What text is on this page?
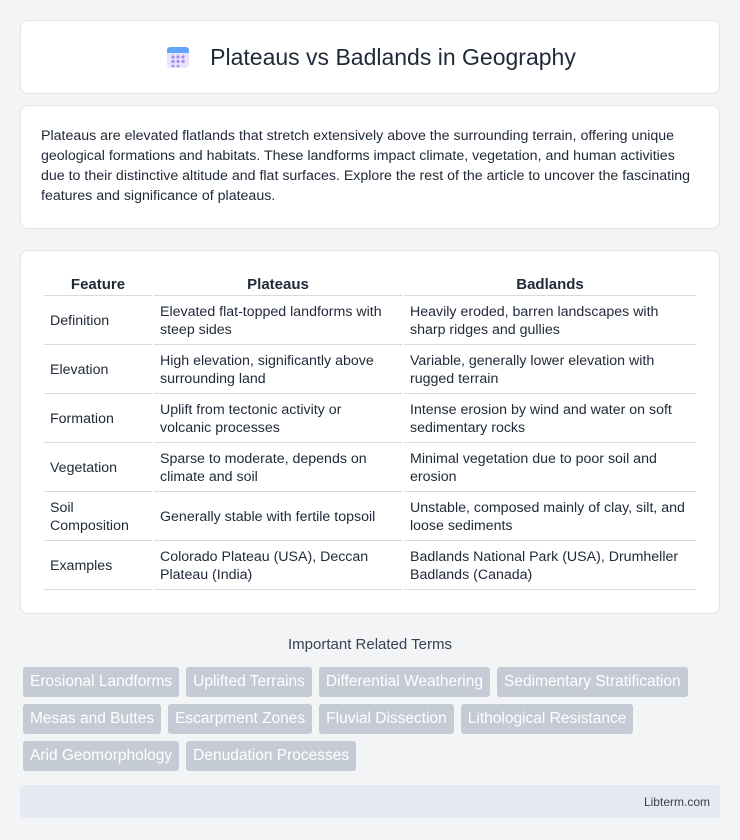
Plateaus vs Badlands in Geography

Plateaus are elevated flatlands that stretch extensively above the surrounding terrain, offering unique geological formations and habitats. These landforms impact climate, vegetation, and human activities due to their distinctive altitude and flat surfaces. Explore the rest of the article to uncover the fascinating features and significance of plateaus.

Feature	Plateaus	Badlands
Definition	Elevated flat-topped landforms with steep sides	Heavily eroded, barren landscapes with sharp ridges and gullies
Elevation	High elevation, significantly above surrounding land	Variable, generally lower elevation with rugged terrain
Formation	Uplift from tectonic activity or volcanic processes	Intense erosion by wind and water on soft sedimentary rocks
Vegetation	Sparse to moderate, depends on climate and soil	Minimal vegetation due to poor soil and erosion
Soil Composition	Generally stable with fertile topsoil	Unstable, composed mainly of clay, silt, and loose sediments
Examples	Colorado Plateau (USA), Deccan Plateau (India)	Badlands National Park (USA), Drumheller Badlands (Canada)
Important Related Terms
Erosional Landforms	Uplifted Terrains	Differential Weathering	Sedimentary Stratification
Mesas and Buttes	Escarpment Zones	Fluvial Dissection	Lithological Resistance
Arid Geomorphology	Denudation Processes
Libterm.com
